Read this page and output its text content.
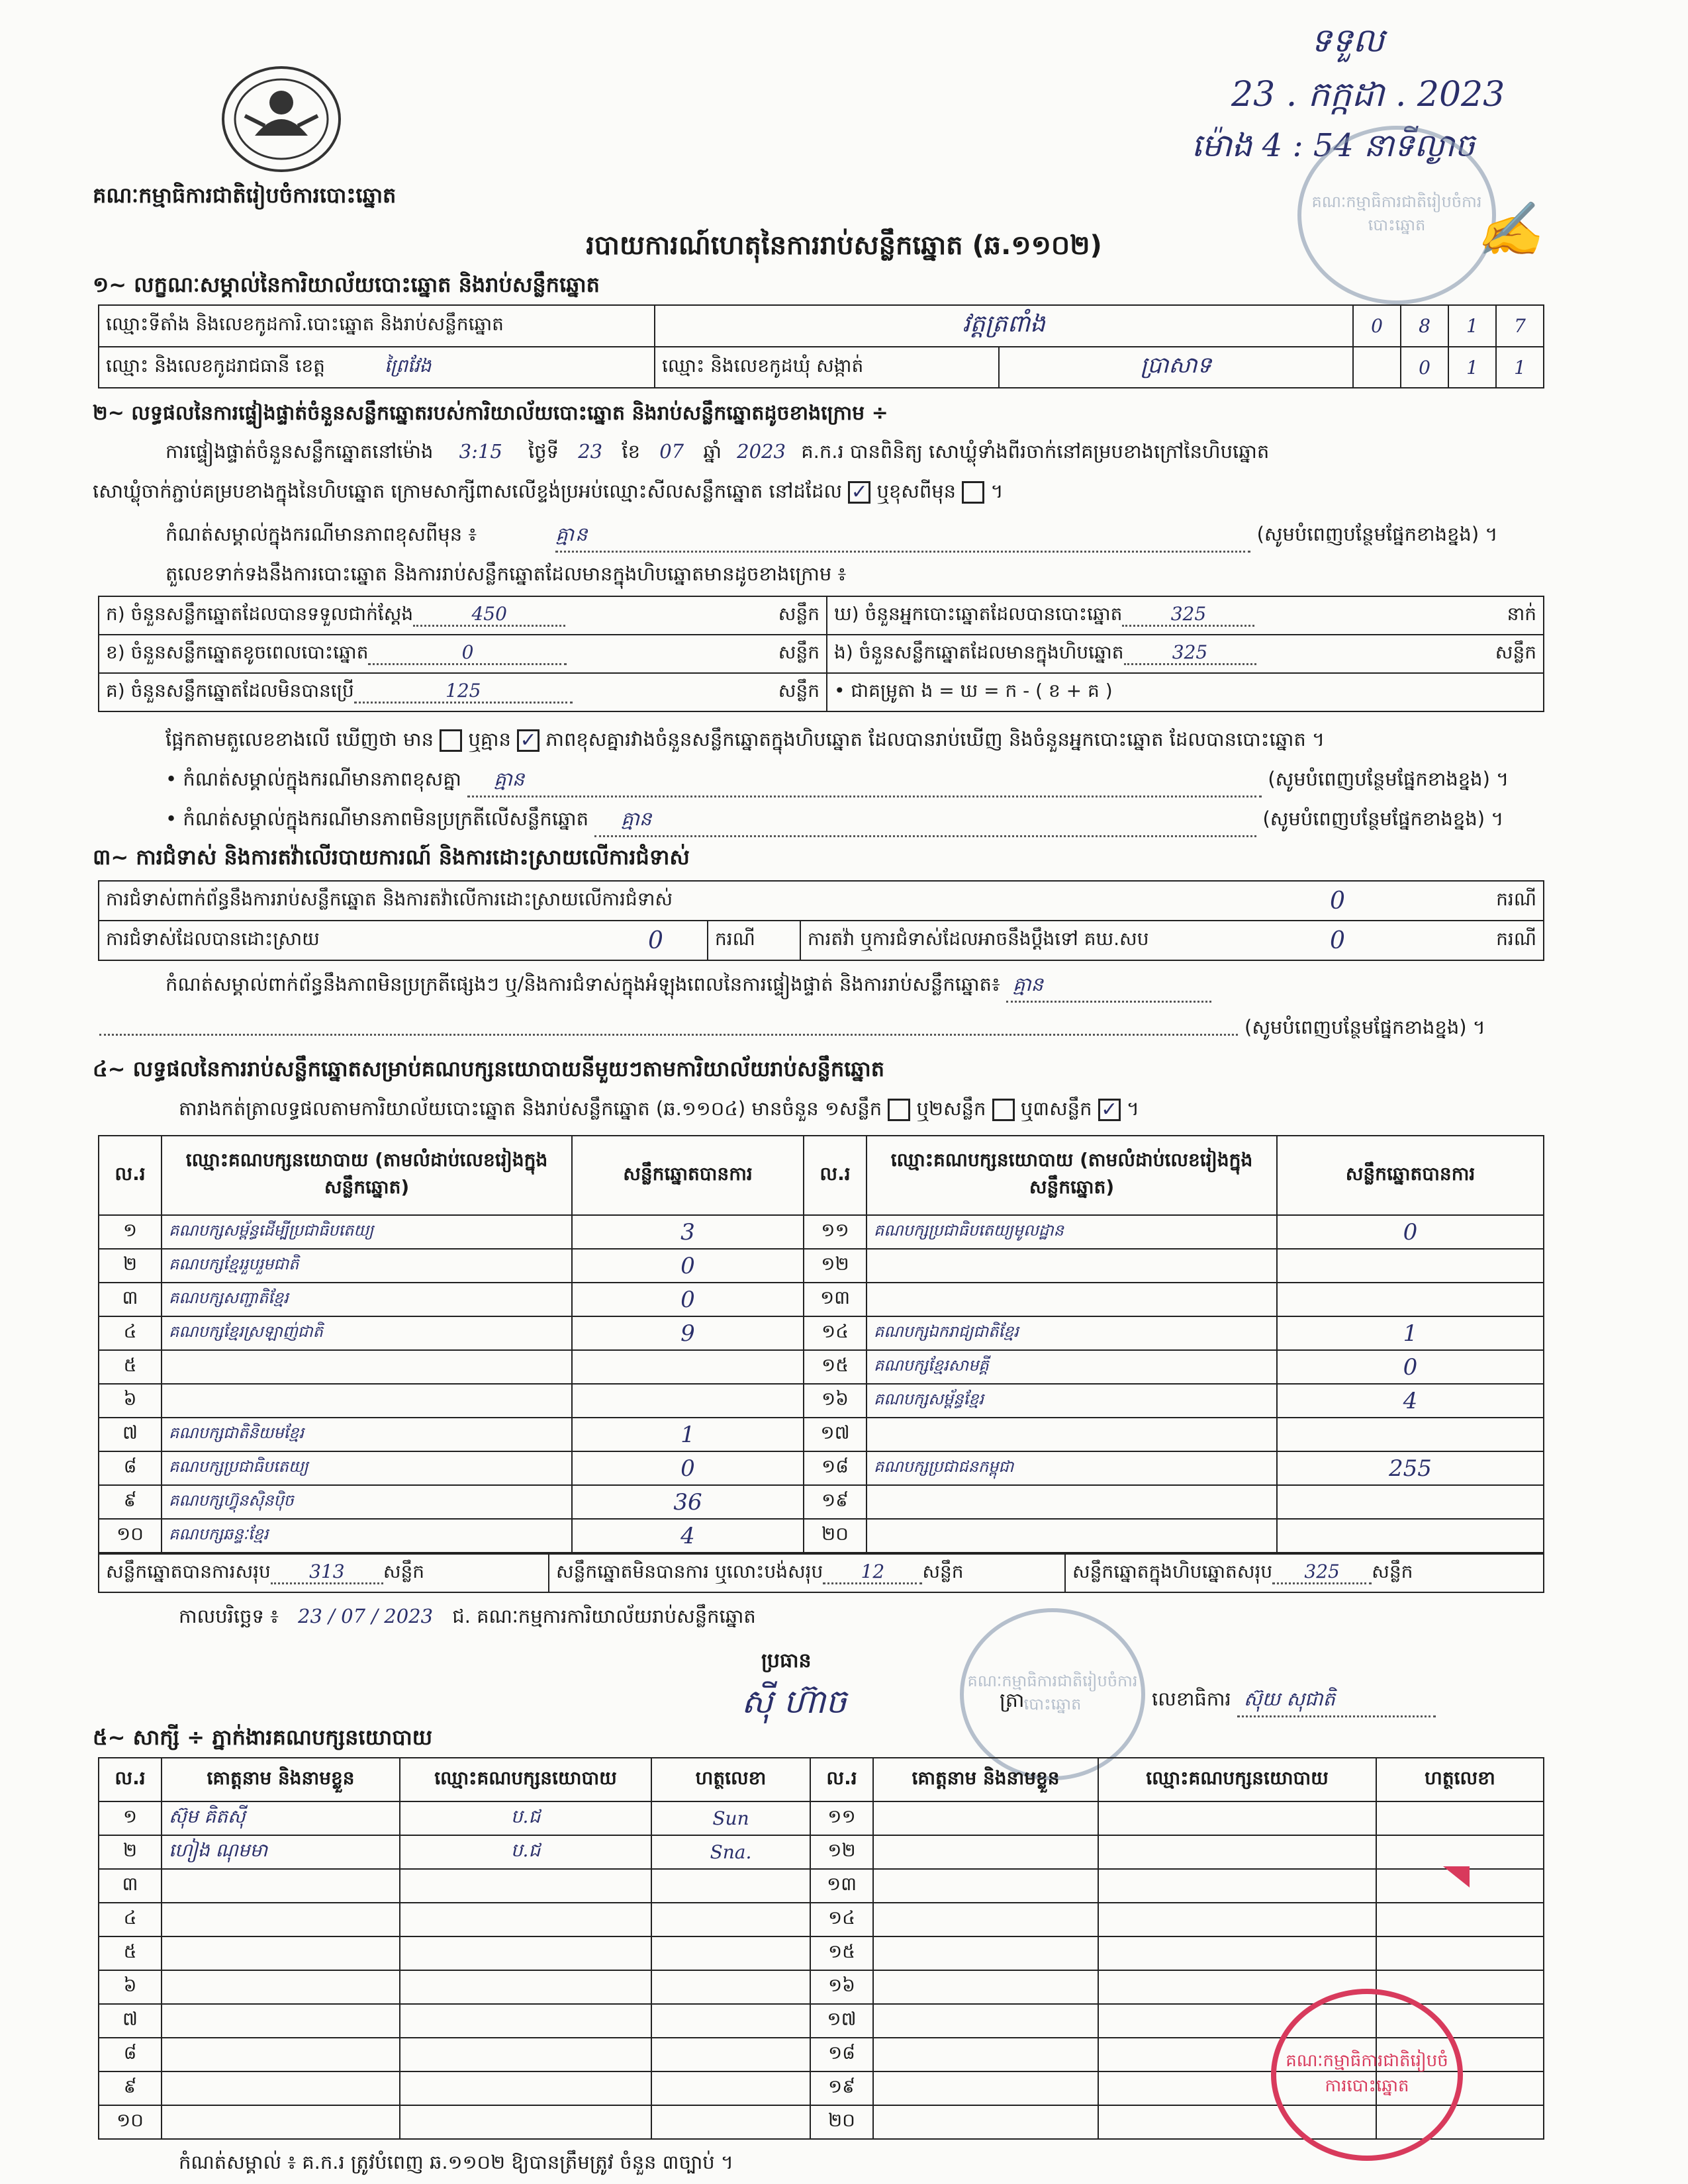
គណៈកម្មាធិការជាតិរៀបចំការបោះឆ្នោត
ទទួល
23 . កក្កដា . 2023
ម៉ោង 4 : 54 នាទីល្ងាច
គណៈកម្មាធិការជាតិរៀបចំការបោះឆ្នោត ✍
របាយការណ៍ហេតុនៃការរាប់សន្លឹកឆ្នោត (ឆ.១១០២)
១~ លក្ខណៈសម្គាល់នៃការិយាល័យបោះឆ្នោត និងរាប់សន្លឹកឆ្នោត
ឈ្មោះទីតាំង និងលេខកូដការិ.បោះឆ្នោត និងរាប់សន្លឹកឆ្នោត	វត្តត្រពាំង		0	8	1	7
ឈ្មោះ និងលេខកូដរាជធានី ខេត្ត ព្រៃវែង	ឈ្មោះ និងលេខកូដឃុំ សង្កាត់	ប្រាសាទ		0	1	1
២~ លទ្ធផលនៃការផ្ទៀងផ្ទាត់ចំនួនសន្លឹកឆ្នោតរបស់ការិយាល័យបោះឆ្នោត និងរាប់សន្លឹកឆ្នោតដូចខាងក្រោម ÷
ការផ្ទៀងផ្ទាត់ចំនួនសន្លឹកឆ្នោតនៅម៉ោង 3:15 ថ្ងៃទី 23 ខែ 07 ឆ្នាំ 2023 គ.ក.រ បានពិនិត្យ សោឃ្លុំទាំងពីរចាក់នៅគម្របខាងក្រៅនៃហិបឆ្នោត
សោឃ្លុំចាក់ភ្ជាប់គម្របខាងក្នុងនៃហិបឆ្នោត ក្រោមសាក្សីពាសលើខ្ទង់ប្រអប់ឈ្មោះសីលសន្លឹកឆ្នោត នៅដដែល ✓ ឬខុសពីមុន  ។
កំណត់សម្គាល់ក្នុងករណីមានភាពខុសពីមុន ៖	គ្មាន	(សូមបំពេញបន្ថែមផ្នែកខាងខ្នង) ។
តួលេខទាក់ទងនឹងការបោះឆ្នោត និងការរាប់សន្លឹកឆ្នោតដែលមានក្នុងហិបឆ្នោតមានដូចខាងក្រោម ៖
ក) ចំនួនសន្លឹកឆ្នោតដែលបានទទួលជាក់ស្តែង 450 សន្លឹក	ឃ) ចំនួនអ្នកបោះឆ្នោតដែលបានបោះឆ្នោត 325 នាក់

ខ) ចំនួនសន្លឹកឆ្នោតខូចពេលបោះឆ្នោត 0 សន្លឹក	ង) ចំនួនសន្លឹកឆ្នោតដែលមានក្នុងហិបឆ្នោត 325 សន្លឹក

គ) ចំនួនសន្លឹកឆ្នោតដែលមិនបានប្រើ 125 សន្លឹក	• ជាគម្រូតា ង = ឃ = ក - ( ខ + គ )
ផ្អែកតាមតួលេខខាងលើ ឃើញថា មាន ឬគ្មាន ✓ ភាពខុសគ្នារវាងចំនួនសន្លឹកឆ្នោតក្នុងហិបឆ្នោត ដែលបានរាប់ឃើញ និងចំនួនអ្នកបោះឆ្នោត ដែលបានបោះឆ្នោត ។
• កំណត់សម្គាល់ក្នុងករណីមានភាពខុសគ្នា គ្មាន	(សូមបំពេញបន្ថែមផ្នែកខាងខ្នង) ។
• កំណត់សម្គាល់ក្នុងករណីមានភាពមិនប្រក្រតីលើសន្លឹកឆ្នោត គ្មាន	(សូមបំពេញបន្ថែមផ្នែកខាងខ្នង) ។
៣~ ការជំទាស់ និងការតវ៉ាលើរបាយការណ៍ និងការដោះស្រាយលើការជំទាស់
ការជំទាស់ពាក់ព័ន្ធនឹងការរាប់សន្លឹកឆ្នោត និងការតវ៉ាលើការដោះស្រាយលើការជំទាស់	0	ករណី

ការជំទាស់ដែលបានដោះស្រាយ	0	ករណី	ការតវ៉ា ឬការជំទាស់ដែលអាចនឹងប្តឹងទៅ គឃ.សប	0	ករណី
កំណត់សម្គាល់ពាក់ព័ន្ធនឹងភាពមិនប្រក្រតីផ្សេងៗ ឬ/និងការជំទាស់ក្នុងអំឡុងពេលនៃការផ្ទៀងផ្ទាត់ និងការរាប់សន្លឹកឆ្នោត៖ គ្មាន
(សូមបំពេញបន្ថែមផ្នែកខាងខ្នង) ។
៤~ លទ្ធផលនៃការរាប់សន្លឹកឆ្នោតសម្រាប់គណបក្សនយោបាយនីមួយៗតាមការិយាល័យរាប់សន្លឹកឆ្នោត
តារាងកត់ត្រាលទ្ធផលតាមការិយាល័យបោះឆ្នោត និងរាប់សន្លឹកឆ្នោត (ឆ.១១០៤) មានចំនួន ១សន្លឹក ឬ២សន្លឹក ឬ៣សន្លឹក ✓ ។
ល.រ	ឈ្មោះគណបក្សនយោបាយ (តាមលំដាប់លេខរៀងក្នុងសន្លឹកឆ្នោត)	សន្លឹកឆ្នោតបានការ	ល.រ	ឈ្មោះគណបក្សនយោបាយ (តាមលំដាប់លេខរៀងក្នុងសន្លឹកឆ្នោត)	សន្លឹកឆ្នោតបានការ
១	គណបក្សសម្ព័ន្ធដើម្បីប្រជាធិបតេយ្យ	3	១១	គណបក្សប្រជាធិបតេយ្យមូលដ្ឋាន	0
២	គណបក្សខ្មែររួបរួមជាតិ	0	១២		
៣	គណបក្សសញ្ជាតិខ្មែរ	0	១៣		
៤	គណបក្សខ្មែរស្រឡាញ់ជាតិ	9	១៤	គណបក្សឯករាជ្យជាតិខ្មែរ	1
៥			១៥	គណបក្សខ្មែរសាមគ្គី	0
៦			១៦	គណបក្សសម្ព័ន្ធខ្មែរ	4
៧	គណបក្សជាតិនិយមខ្មែរ	1	១៧		
៨	គណបក្សប្រជាធិបតេយ្យ	0	១៨	គណបក្សប្រជាជនកម្ពុជា	255
៩	គណបក្សហ៊្វុនស៊ិនប៉ិច	36	១៩		
១០	គណបក្សឆន្ទៈខ្មែរ	4	២០		
សន្លឹកឆ្នោតបានការសរុប 313 សន្លឹក	សន្លឹកឆ្នោតមិនបានការ ឬលោះបង់សរុប 12 សន្លឹក	សន្លឹកឆ្នោតក្នុងហិបឆ្នោតសរុប 325 សន្លឹក
កាលបរិច្ឆេទ ៖ 23 / 07 / 2023 ជ. គណៈកម្មការការិយាល័យរាប់សន្លឹកឆ្នោត
ប្រធាន
ស៊ី ហ៊ាច	ត្រា
គណៈកម្មាធិការជាតិរៀបចំការបោះឆ្នោត	លេខាធិការ ស៊ុយ សុជាតិ
៥~ សាក្សី ÷ ភ្នាក់ងារគណបក្សនយោបាយ
ល.រ	គោត្តនាម និងនាមខ្លួន	ឈ្មោះគណបក្សនយោបាយ	ហត្ថលេខា	ល.រ	គោត្តនាម និងនាមខ្លួន	ឈ្មោះគណបក្សនយោបាយ	ហត្ថលេខា
១	ស៊ុម គិតស៊ី	ប.ជ	Sun	១១			
២	ហៀង ណុមមា	ប.ជ	Sna.	១២			
៣				១៣			
៤				១៤			
៥				១៥			
៦				១៦			
៧				១៧			
៨				១៨			
៩				១៩			
១០				២០			
គណៈកម្មាធិការជាតិរៀបចំការបោះឆ្នោត
កំណត់សម្គាល់ ៖ គ.ក.រ ត្រូវបំពេញ ឆ.១១០២ ឱ្យបានត្រឹមត្រូវ ចំនួន ៣ច្បាប់ ។
